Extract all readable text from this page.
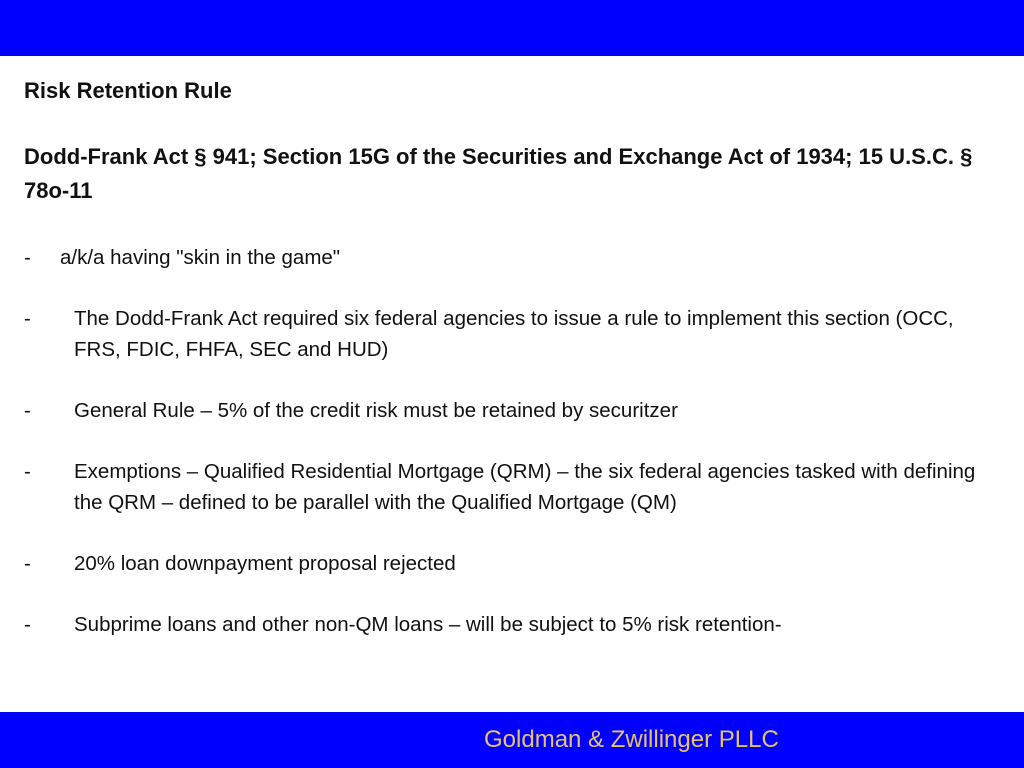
Risk Retention Rule

Dodd-Frank Act § 941; Section 15G of the Securities and Exchange Act of 1934; 15 U.S.C. § 78o-11

-	a/k/a having "skin in the game"
-	The Dodd-Frank Act required six federal agencies to issue a rule to implement this section (OCC, FRS, FDIC, FHFA, SEC and HUD)
-	General Rule – 5% of the credit risk must be retained by securitzer
-	Exemptions – Qualified Residential Mortgage (QRM) – the six federal agencies tasked with defining the QRM – defined to be parallel with the Qualified Mortgage (QM)
-	20% loan downpayment proposal rejected
-	Subprime loans and other non-QM loans – will be subject to 5% risk retention-
Goldman & Zwillinger PLLC
